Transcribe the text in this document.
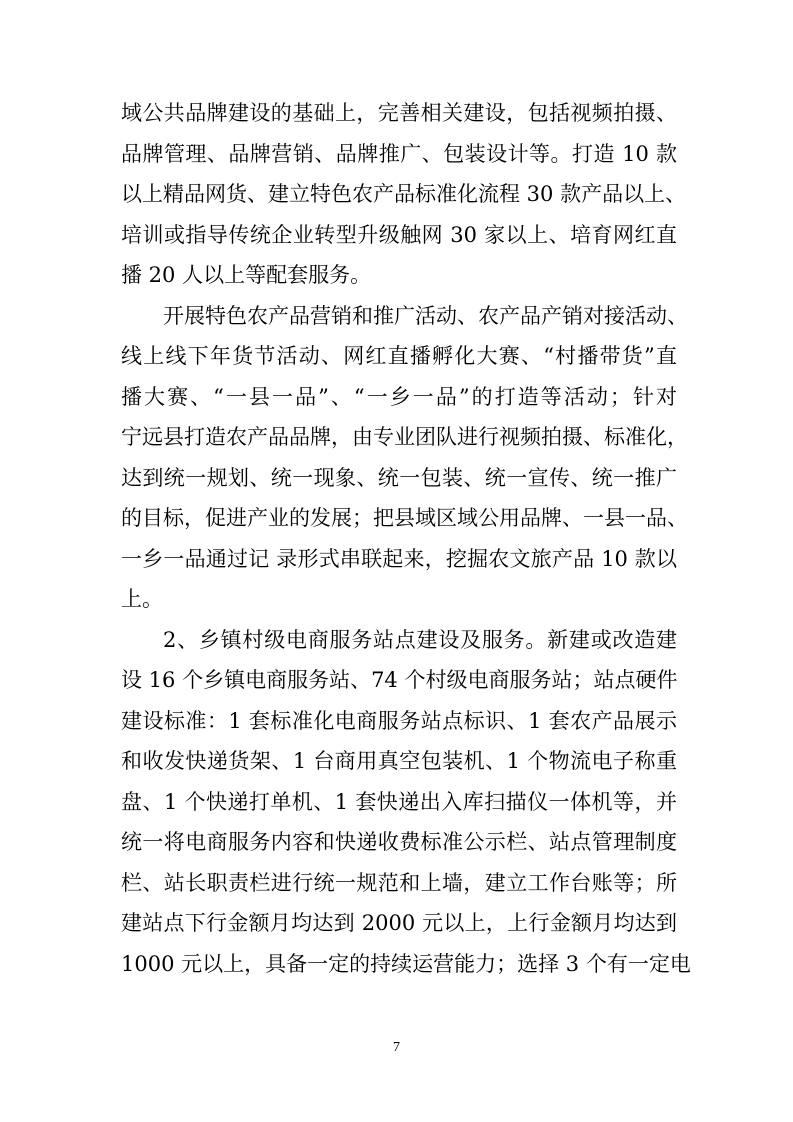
域公共品牌建设的基础上，完善相关建设，包括视频拍摄、
品牌管理、品牌营销、品牌推广、包装设计等。打造 10 款
以上精品网货、建立特色农产品标准化流程 30 款产品以上、
培训或指导传统企业转型升级触网 30 家以上、培育网红直
播 20 人以上等配套服务。
开展特色农产品营销和推广活动、农产品产销对接活动、
线上线下年货节活动、网红直播孵化大赛、“村播带货”直
播大赛、“一县一品”、“一乡一品”的打造等活动；针对
宁远县打造农产品品牌，由专业团队进行视频拍摄、标准化，
达到统一规划、统一现象、统一包装、统一宣传、统一推广
的目标，促进产业的发展；把县域区域公用品牌、一县一品、
一乡一品通过记 录形式串联起来，挖掘农文旅产品 10 款以
上。
2、乡镇村级电商服务站点建设及服务。新建或改造建
设 16 个乡镇电商服务站、74 个村级电商服务站；站点硬件
建设标准：1 套标准化电商服务站点标识、1 套农产品展示
和收发快递货架、1 台商用真空包装机、1 个物流电子称重
盘、1 个快递打单机、1 套快递出入库扫描仪一体机等，并
统一将电商服务内容和快递收费标准公示栏、站点管理制度
栏、站长职责栏进行统一规范和上墙，建立工作台账等；所
建站点下行金额月均达到 2000 元以上，上行金额月均达到
1000 元以上，具备一定的持续运营能力；选择 3 个有一定电
7
